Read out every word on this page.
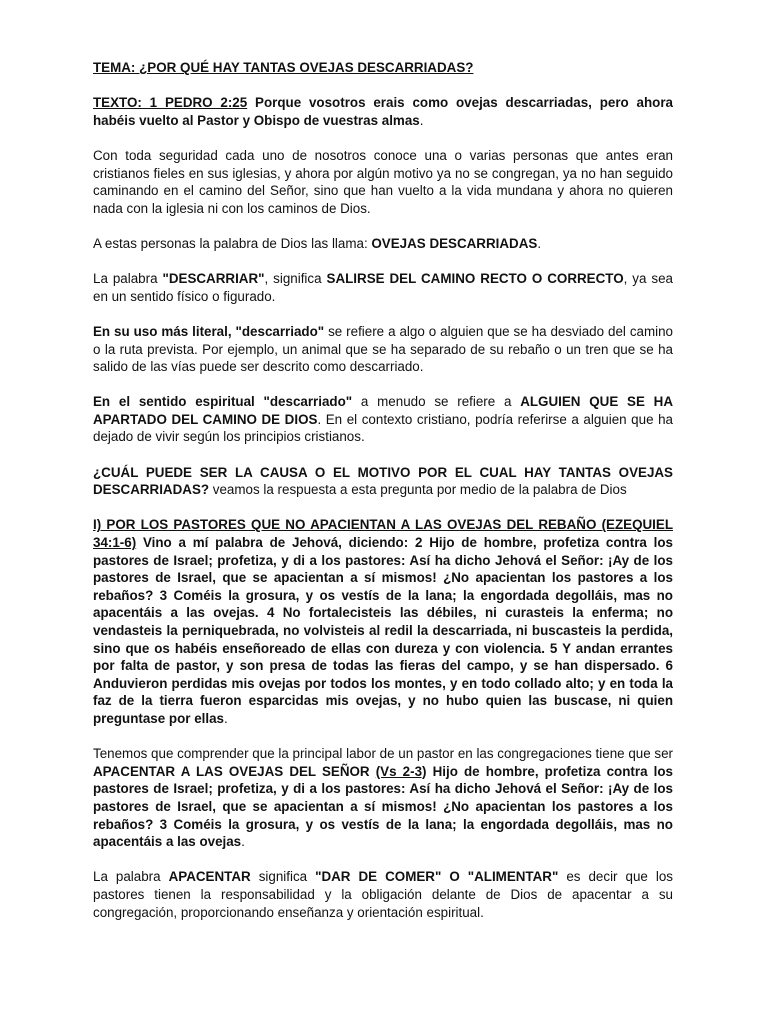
TEMA: ¿POR QUÉ HAY TANTAS OVEJAS DESCARRIADAS?

TEXTO: 1 PEDRO 2:25 Porque vosotros erais como ovejas descarriadas, pero ahora habéis vuelto al Pastor y Obispo de vuestras almas.

Con toda seguridad cada uno de nosotros conoce una o varias personas que antes eran cristianos fieles en sus iglesias, y ahora por algún motivo ya no se congregan, ya no han seguido caminando en el camino del Señor, sino que han vuelto a la vida mundana y ahora no quieren nada con la iglesia ni con los caminos de Dios.

A estas personas la palabra de Dios las llama: OVEJAS DESCARRIADAS.

La palabra "DESCARRIAR", significa SALIRSE DEL CAMINO RECTO O CORRECTO, ya sea en un sentido físico o figurado.

En su uso más literal, "descarriado" se refiere a algo o alguien que se ha desviado del camino o la ruta prevista. Por ejemplo, un animal que se ha separado de su rebaño o un tren que se ha salido de las vías puede ser descrito como descarriado.

En el sentido espiritual "descarriado" a menudo se refiere a ALGUIEN QUE SE HA APARTADO DEL CAMINO DE DIOS. En el contexto cristiano, podría referirse a alguien que ha dejado de vivir según los principios cristianos.

¿CUÁL PUEDE SER LA CAUSA O EL MOTIVO POR EL CUAL HAY TANTAS OVEJAS DESCARRIADAS? veamos la respuesta a esta pregunta por medio de la palabra de Dios

I) POR LOS PASTORES QUE NO APACIENTAN A LAS OVEJAS DEL REBAÑO (EZEQUIEL 34:1-6) Vino a mí palabra de Jehová, diciendo: 2 Hijo de hombre, profetiza contra los pastores de Israel; profetiza, y di a los pastores: Así ha dicho Jehová el Señor: ¡Ay de los pastores de Israel, que se apacientan a sí mismos! ¿No apacientan los pastores a los rebaños? 3 Coméis la grosura, y os vestís de la lana; la engordada degolláis, mas no apacentáis a las ovejas. 4 No fortalecisteis las débiles, ni curasteis la enferma; no vendasteis la perniquebrada, no volvisteis al redil la descarriada, ni buscasteis la perdida, sino que os habéis enseñoreado de ellas con dureza y con violencia. 5 Y andan errantes por falta de pastor, y son presa de todas las fieras del campo, y se han dispersado. 6 Anduvieron perdidas mis ovejas por todos los montes, y en todo collado alto; y en toda la faz de la tierra fueron esparcidas mis ovejas, y no hubo quien las buscase, ni quien preguntase por ellas.

Tenemos que comprender que la principal labor de un pastor en las congregaciones tiene que ser APACENTAR A LAS OVEJAS DEL SEÑOR (Vs 2-3) Hijo de hombre, profetiza contra los pastores de Israel; profetiza, y di a los pastores: Así ha dicho Jehová el Señor: ¡Ay de los pastores de Israel, que se apacientan a sí mismos! ¿No apacientan los pastores a los rebaños? 3 Coméis la grosura, y os vestís de la lana; la engordada degolláis, mas no apacentáis a las ovejas.

La palabra APACENTAR significa "DAR DE COMER" O "ALIMENTAR" es decir que los pastores tienen la responsabilidad y la obligación delante de Dios de apacentar a su congregación, proporcionando enseñanza y orientación espiritual.
